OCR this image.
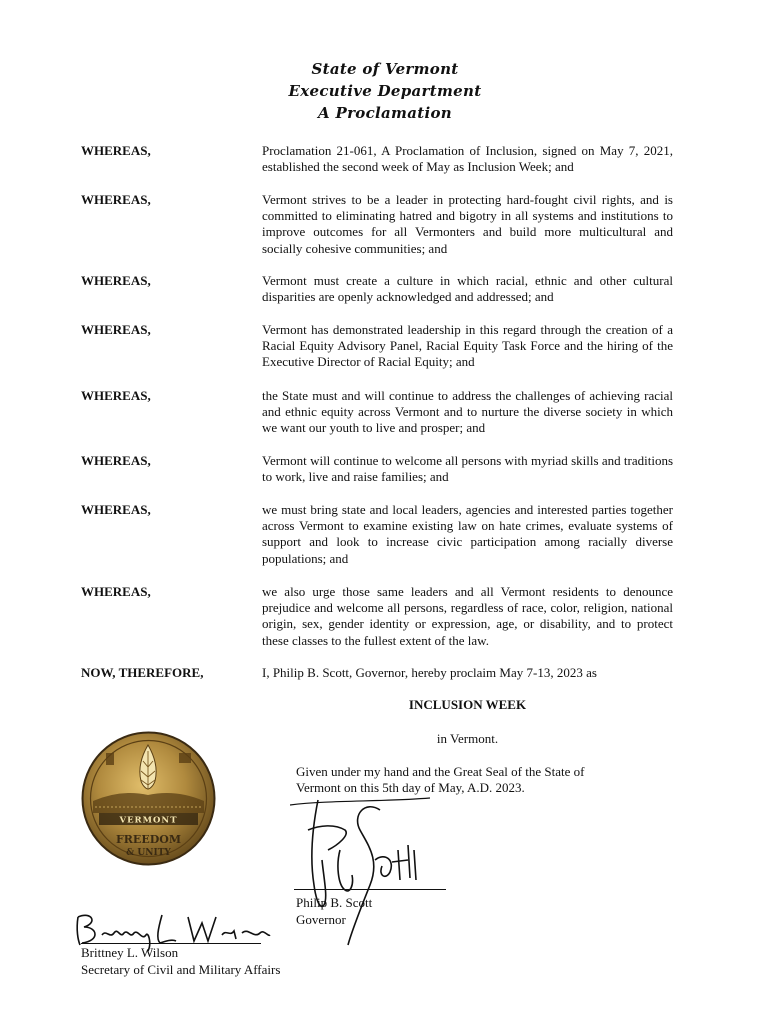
State of Vermont
Executive Department
A Proclamation
WHEREAS,	Proclamation 21-061, A Proclamation of Inclusion, signed on May 7, 2021, established the second week of May as Inclusion Week; and
WHEREAS,	Vermont strives to be a leader in protecting hard-fought civil rights, and is committed to eliminating hatred and bigotry in all systems and institutions to improve outcomes for all Vermonters and build more multicultural and socially cohesive communities; and
WHEREAS,	Vermont must create a culture in which racial, ethnic and other cultural disparities are openly acknowledged and addressed; and
WHEREAS,	Vermont has demonstrated leadership in this regard through the creation of a Racial Equity Advisory Panel, Racial Equity Task Force and the hiring of the Executive Director of Racial Equity; and
WHEREAS,	the State must and will continue to address the challenges of achieving racial and ethnic equity across Vermont and to nurture the diverse society in which we want our youth to live and prosper; and
WHEREAS,	Vermont will continue to welcome all persons with myriad skills and traditions to work, live and raise families; and
WHEREAS,	we must bring state and local leaders, agencies and interested parties together across Vermont to examine existing law on hate crimes, evaluate systems of support and look to increase civic participation among racially diverse populations; and
WHEREAS,	we also urge those same leaders and all Vermont residents to denounce prejudice and welcome all persons, regardless of race, color, religion, national origin, sex, gender identity or expression, age, or disability, and to protect these classes to the fullest extent of the law.
NOW, THEREFORE,	I, Philip B. Scott, Governor, hereby proclaim May 7-13, 2023 as
INCLUSION WEEK
in Vermont.
Given under my hand and the Great Seal of the State of Vermont on this 5th day of May, A.D. 2023.
VERMONT
FREEDOM
& UNITY
Philip B. Scott
Governor
Brittney L. Wilson
Secretary of Civil and Military Affairs
